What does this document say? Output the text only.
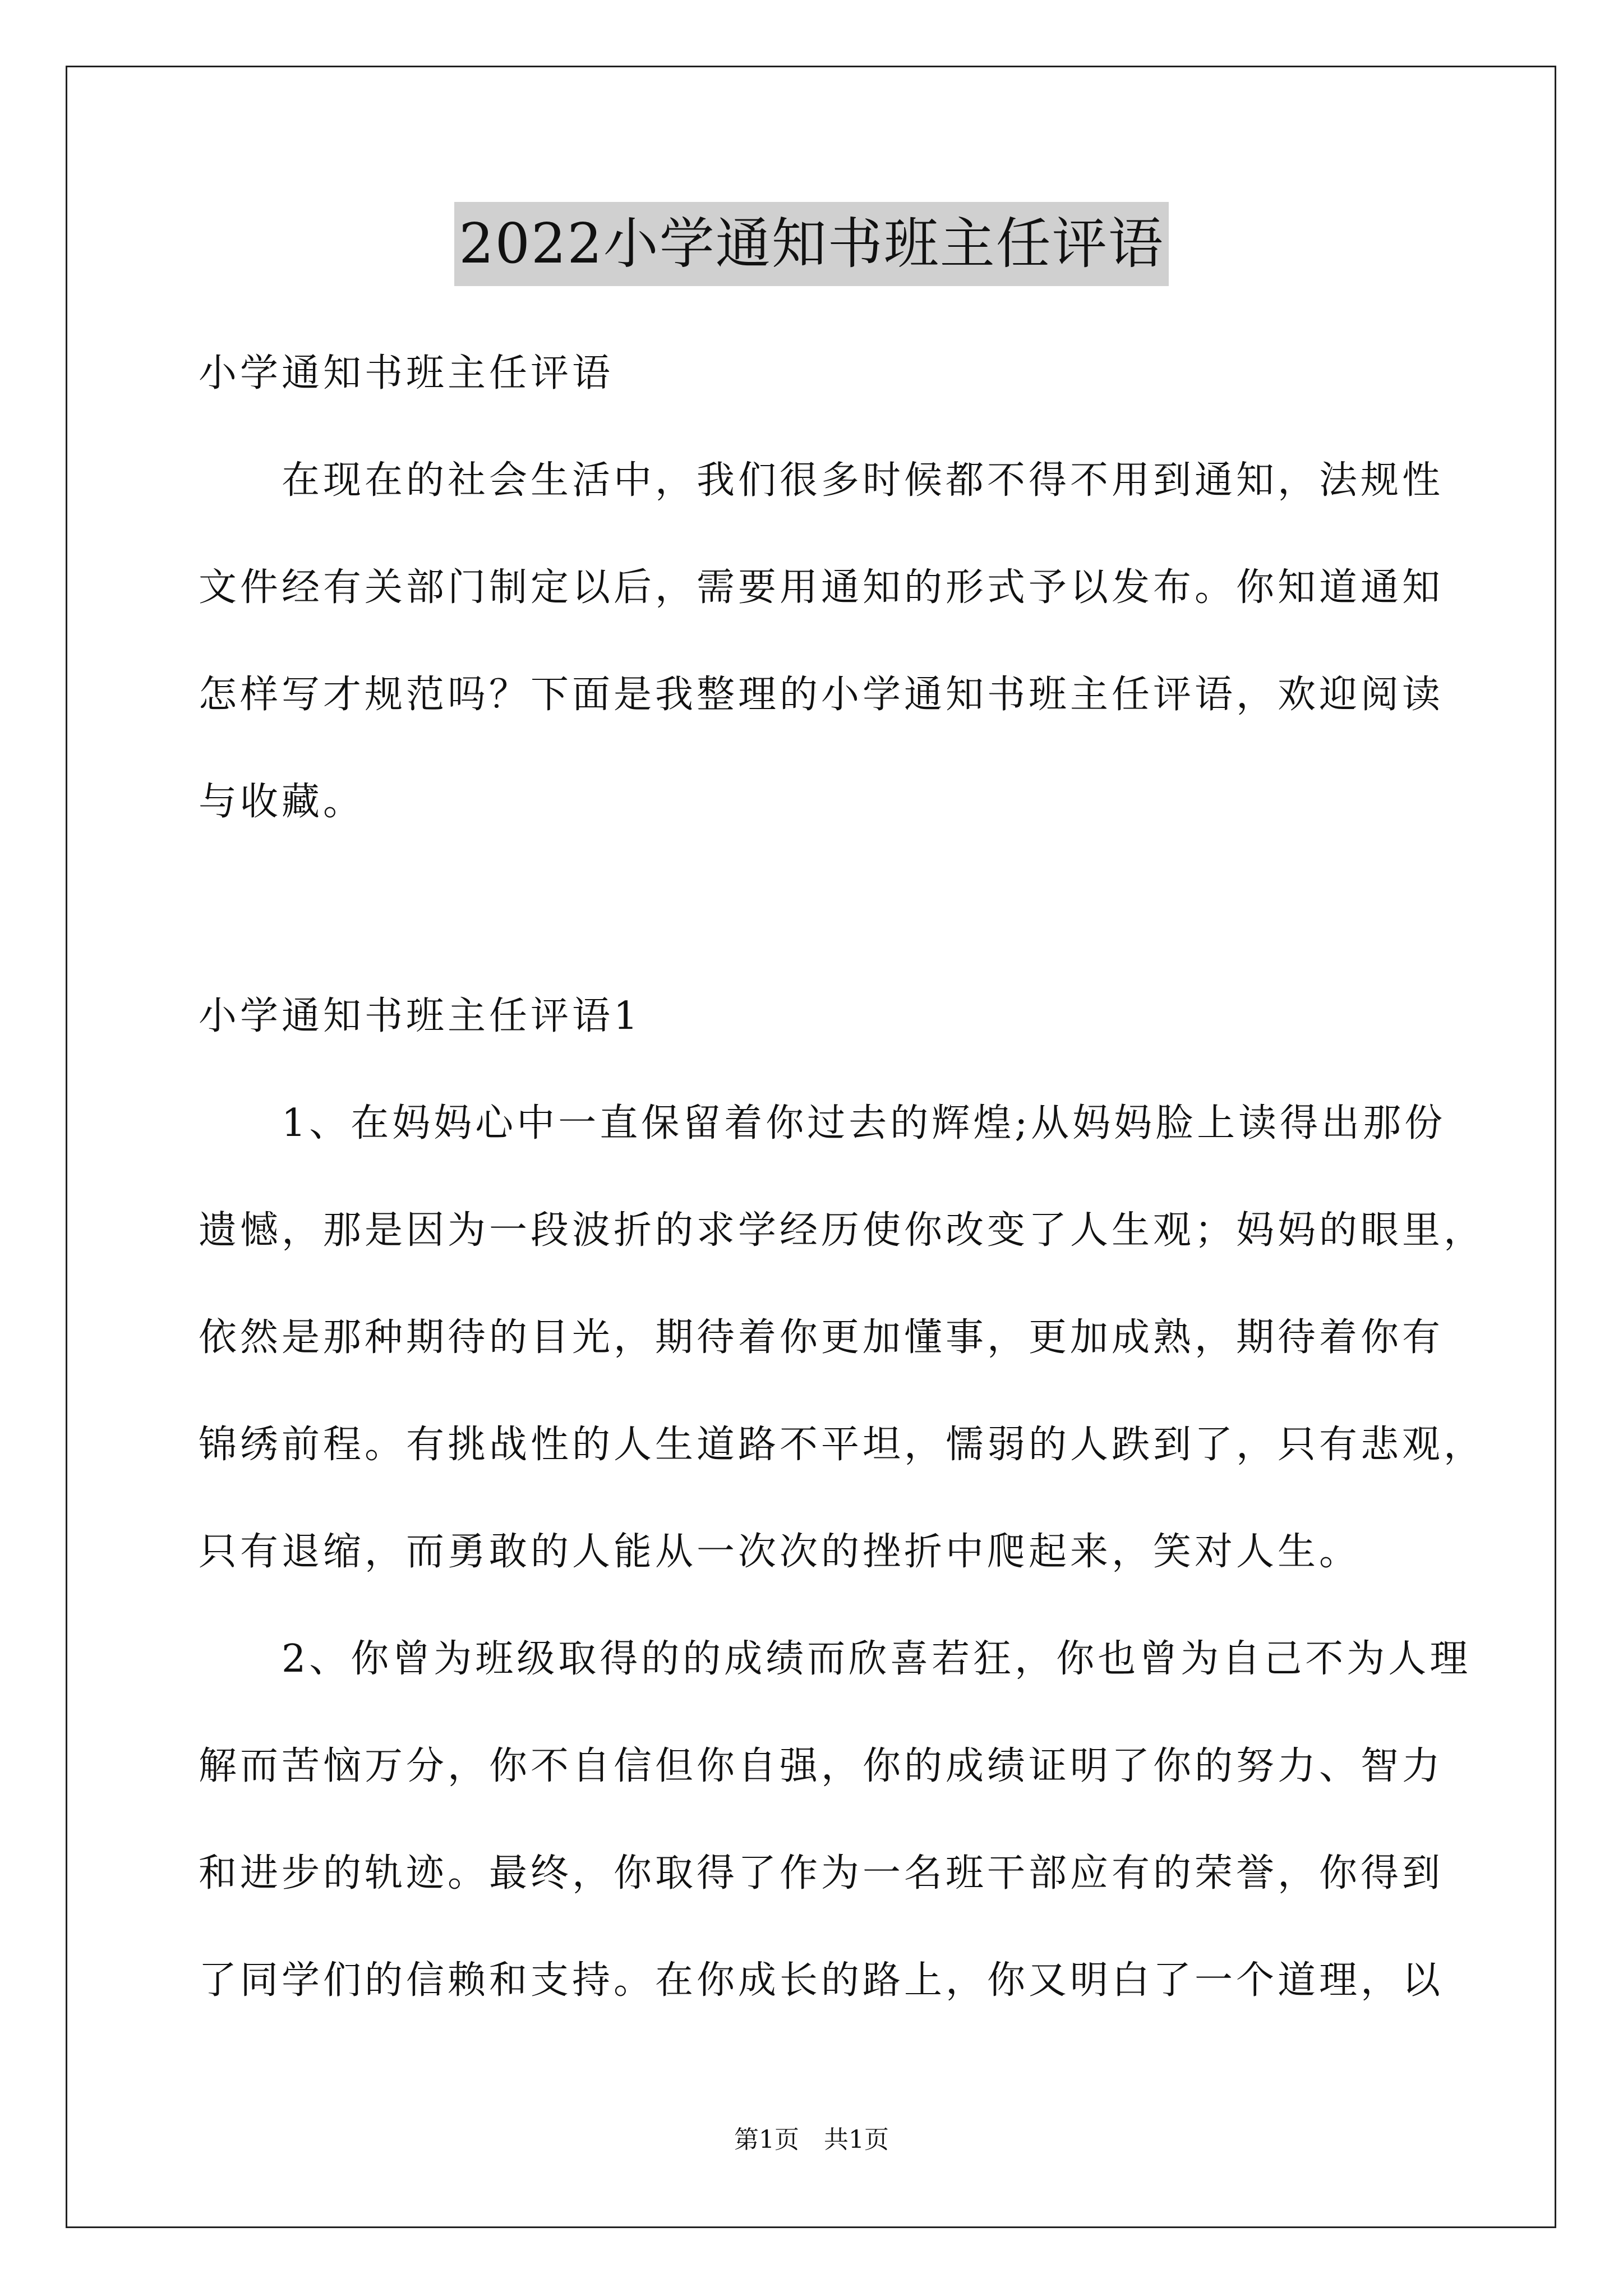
2022小学通知书班主任评语
小学通知书班主任评语
在现在的社会生活中，我们很多时候都不得不用到通知，法规性
文件经有关部门制定以后，需要用通知的形式予以发布。你知道通知
怎样写才规范吗？下面是我整理的小学通知书班主任评语，欢迎阅读
与收藏。
小学通知书班主任评语1
1、在妈妈心中一直保留着你过去的辉煌;从妈妈脸上读得出那份
遗憾，那是因为一段波折的求学经历使你改变了人生观；妈妈的眼里，
依然是那种期待的目光，期待着你更加懂事，更加成熟，期待着你有
锦绣前程。有挑战性的人生道路不平坦，懦弱的人跌到了，只有悲观，
只有退缩，而勇敢的人能从一次次的挫折中爬起来，笑对人生。
2、你曾为班级取得的的成绩而欣喜若狂，你也曾为自己不为人理
解而苦恼万分，你不自信但你自强，你的成绩证明了你的努力、智力
和进步的轨迹。最终，你取得了作为一名班干部应有的荣誉，你得到
了同学们的信赖和支持。在你成长的路上，你又明白了一个道理，以
第1页　共1页
